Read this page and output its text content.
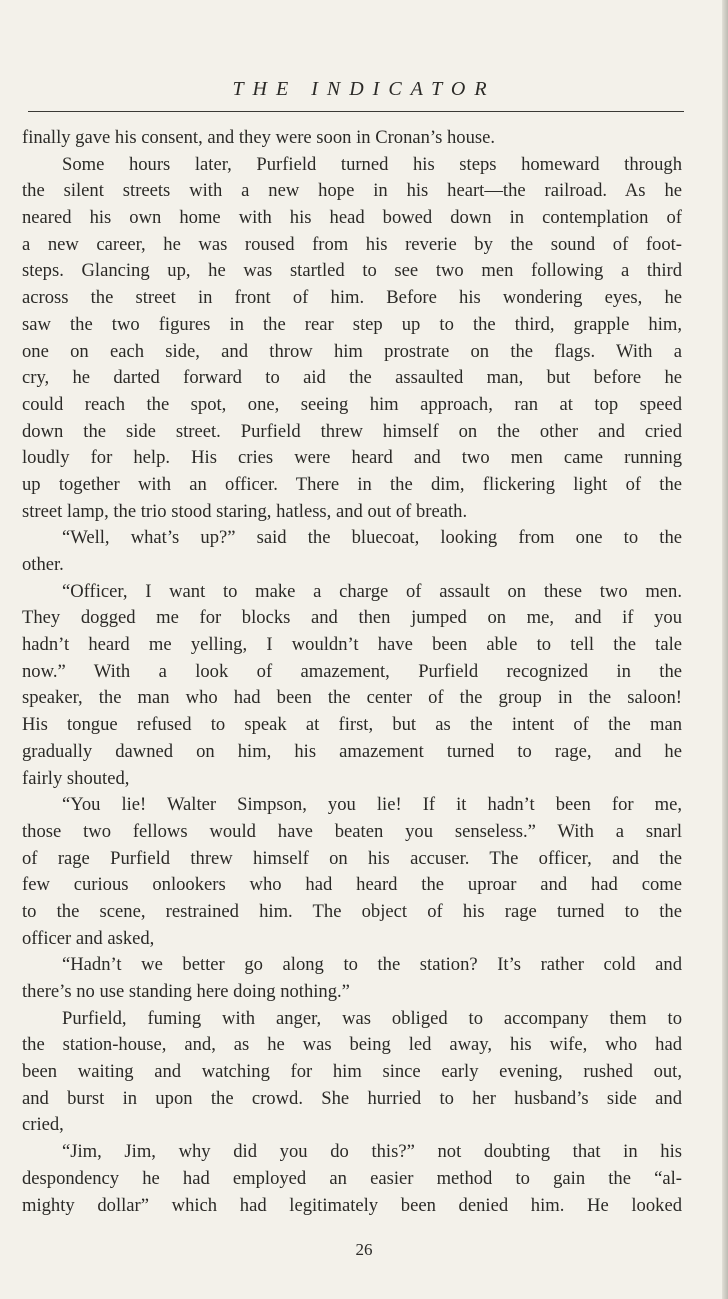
THE INDICATOR
finally gave his consent, and they were soon in Cronan’s house.
Some hours later, Purfield turned his steps homeward through
the silent streets with a new hope in his heart—the railroad. As he
neared his own home with his head bowed down in contemplation of
a new career, he was roused from his reverie by the sound of foot-
steps. Glancing up, he was startled to see two men following a third
across the street in front of him. Before his wondering eyes, he
saw the two figures in the rear step up to the third, grapple him,
one on each side, and throw him prostrate on the flags. With a
cry, he darted forward to aid the assaulted man, but before he
could reach the spot, one, seeing him approach, ran at top speed
down the side street. Purfield threw himself on the other and cried
loudly for help. His cries were heard and two men came running
up together with an officer. There in the dim, flickering light of the
street lamp, the trio stood staring, hatless, and out of breath.
“Well, what’s up?” said the bluecoat, looking from one to the
other.
“Officer, I want to make a charge of assault on these two men.
They dogged me for blocks and then jumped on me, and if you
hadn’t heard me yelling, I wouldn’t have been able to tell the tale
now.” With a look of amazement, Purfield recognized in the
speaker, the man who had been the center of the group in the saloon!
His tongue refused to speak at first, but as the intent of the man
gradually dawned on him, his amazement turned to rage, and he
fairly shouted,
“You lie! Walter Simpson, you lie! If it hadn’t been for me,
those two fellows would have beaten you senseless.” With a snarl
of rage Purfield threw himself on his accuser. The officer, and the
few curious onlookers who had heard the uproar and had come
to the scene, restrained him. The object of his rage turned to the
officer and asked,
“Hadn’t we better go along to the station? It’s rather cold and
there’s no use standing here doing nothing.”
Purfield, fuming with anger, was obliged to accompany them to
the station-house, and, as he was being led away, his wife, who had
been waiting and watching for him since early evening, rushed out,
and burst in upon the crowd. She hurried to her husband’s side and
cried,
“Jim, Jim, why did you do this?” not doubting that in his
despondency he had employed an easier method to gain the “al-
mighty dollar” which had legitimately been denied him. He looked
26
